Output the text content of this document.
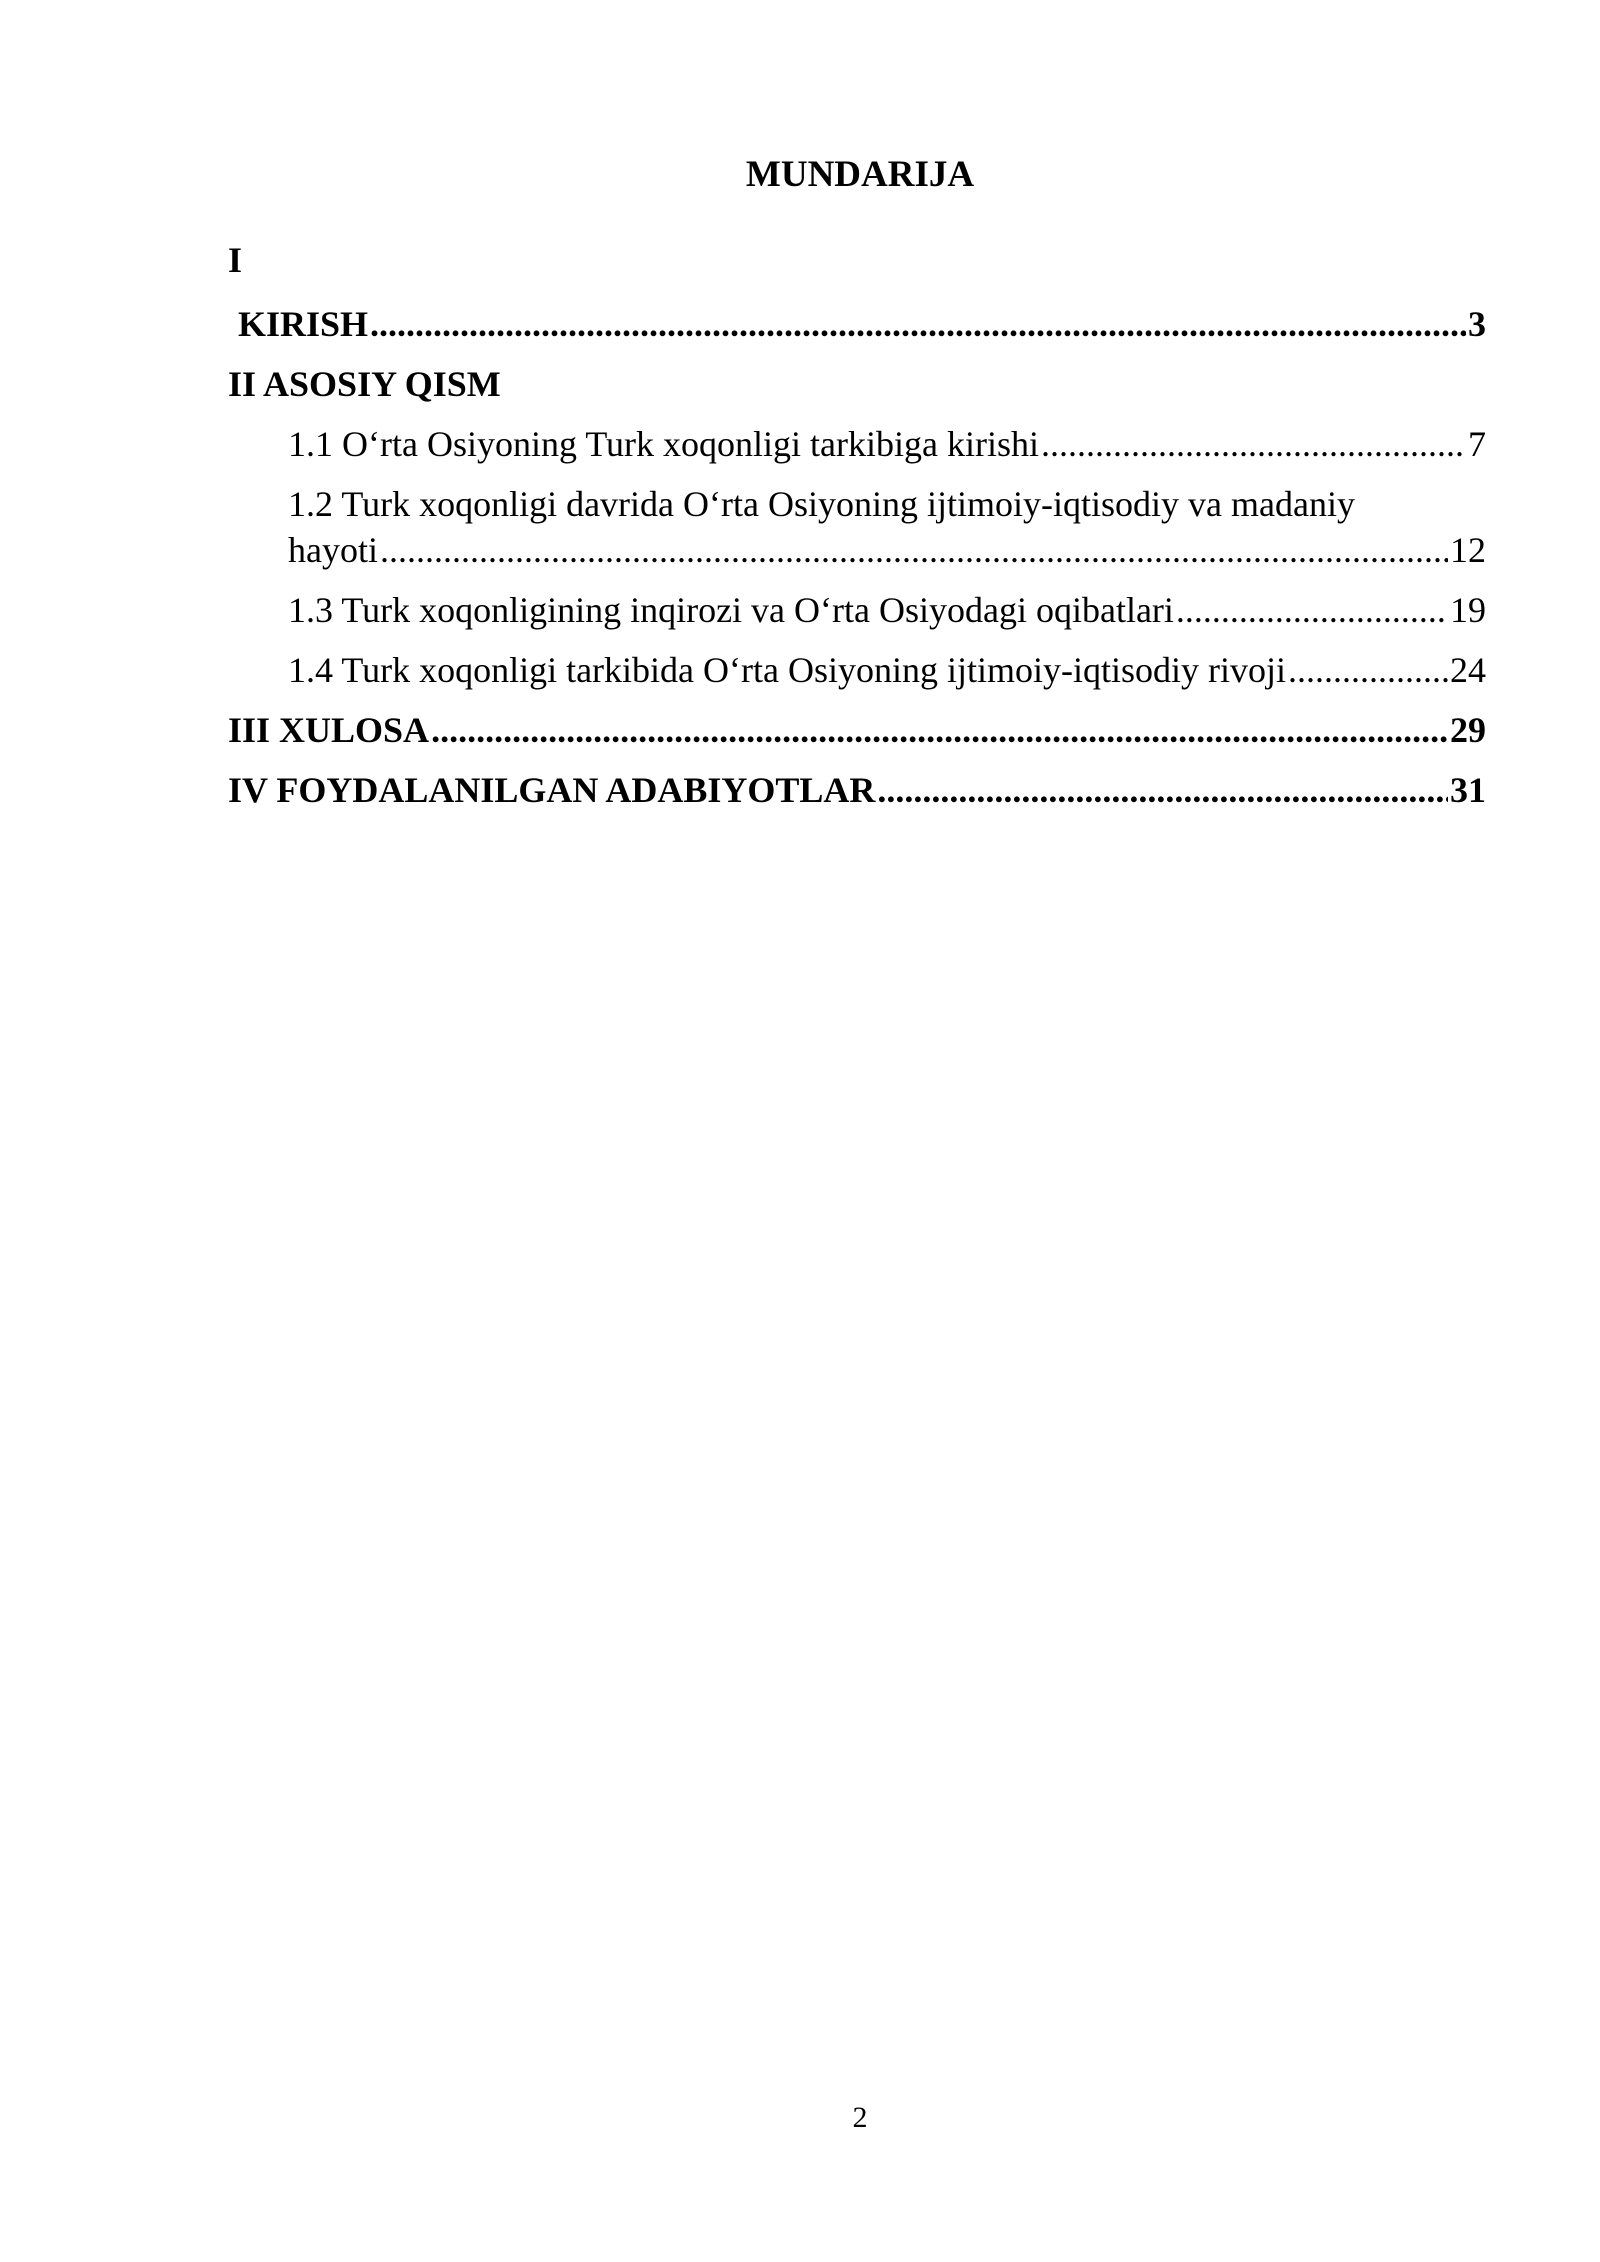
MUNDARIJA
I
KIRISH .....	3
II ASOSIY QISM
1.1 O‘rta Osiyoning Turk xoqonligi tarkibiga kirishi .....	7
1.2 Turk xoqonligi davrida O‘rta Osiyoning ijtimoiy-iqtisodiy va madaniy
hayoti .....	12
1.3 Turk xoqonligining inqirozi va O‘rta Osiyodagi oqibatlari .....	19
1.4 Turk xoqonligi tarkibida O‘rta Osiyoning ijtimoiy-iqtisodiy rivoji .....	24
III XULOSA .....	29
IV FOYDALANILGAN ADABIYOTLAR .....	31
2
